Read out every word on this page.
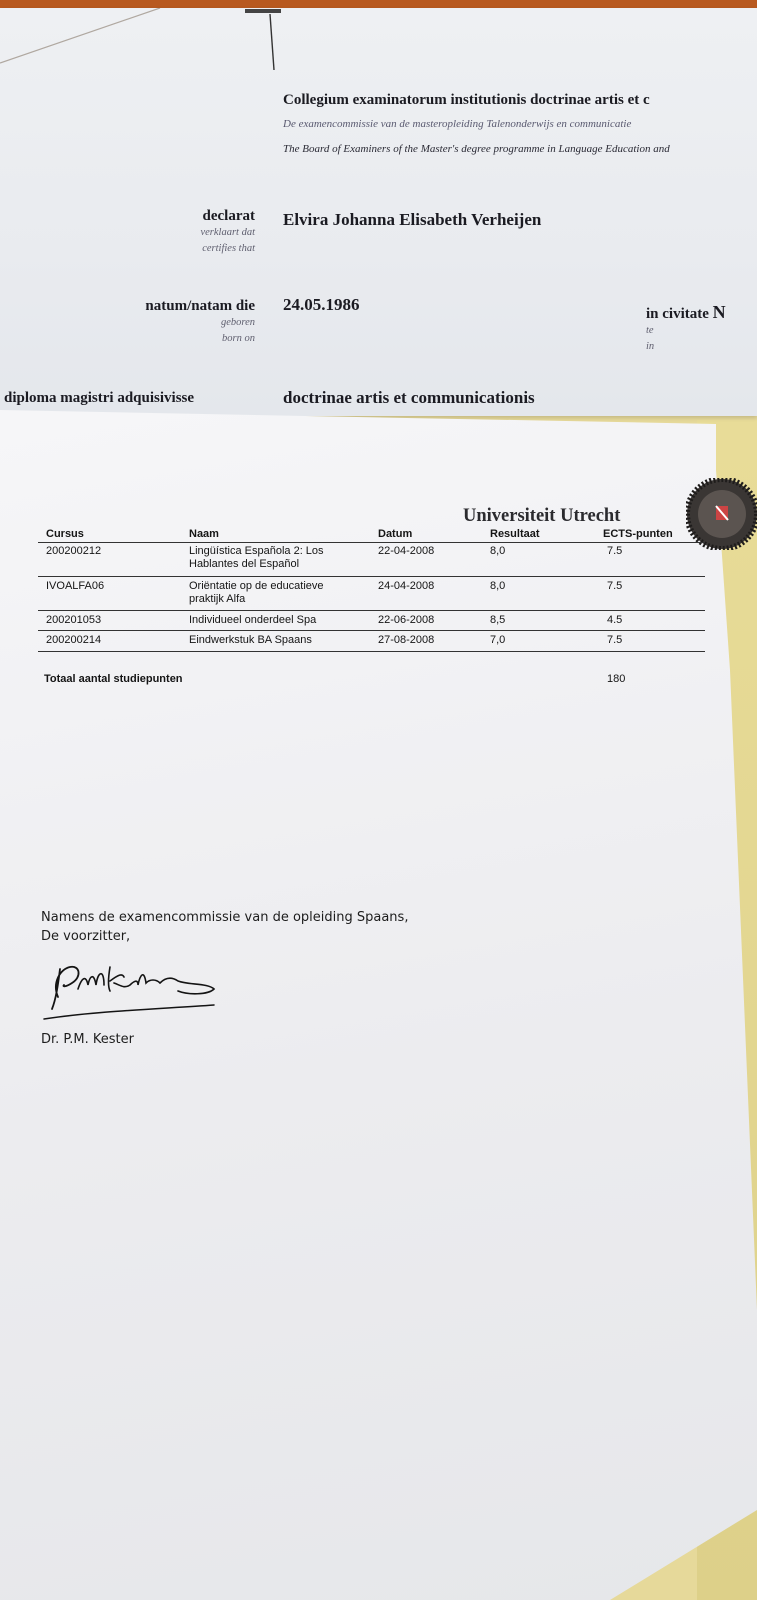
Collegium examinatorum institutionis doctrinae artis et c
De examencommissie van de masteropleiding Talenonderwijs en communicatie
The Board of Examiners of the Master's degree programme in Language Education and
declarat
verklaart dat
certifies that
Elvira Johanna Elisabeth Verheijen
natum/natam die
geboren
born on
24.05.1986	in civitate N
te
in
diploma magistri adquisivisse	doctrinae artis et communicationis
Universiteit Utrecht
Cursus	Naam	Datum	Resultaat	ECTS-punten
200200212	Lingüística Española 2: Los
Hablantes del Español
22-04-2008	8,0	7.5
IVOALFA06	Oriëntatie op de educatieve
praktijk Alfa
24-04-2008	8,0	7.5
200201053	Individueel onderdeel Spa	22-06-2008	8,5	4.5
200200214	Eindwerkstuk BA Spaans	27-08-2008	7,0	7.5
Totaal aantal studiepunten	180
Namens de examencommissie van de opleiding Spaans,
De voorzitter,
Dr. P.M. Kester
